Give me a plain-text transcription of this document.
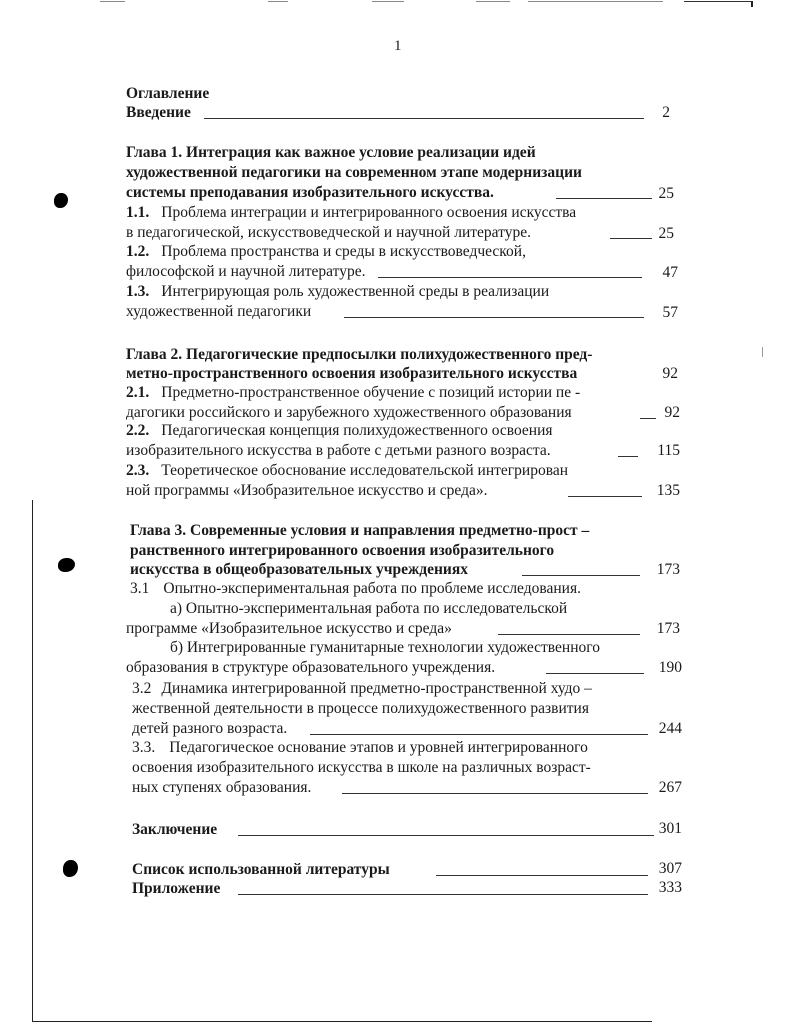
1
Оглавление
Введение	2
Глава 1. Интеграция как важное условие реализации идей
художественной педагогики на современном этапе модернизации
системы преподавания изобразительного искусства.	25
1.1. Проблема интеграции и интегрированного освоения искусства
в педагогической, искусствоведческой и научной литературе.	25
1.2. Проблема пространства и среды в искусствоведческой,
философской и научной литературе.	47
1.3. Интегрирующая роль художественной среды в реализации
художественной педагогики	57
Глава 2. Педагогические предпосылки полихудожественного пред-
метно-пространственного освоения изобразительного искусства	92
2.1. Предметно-пространственное обучение с позиций истории пе -
дагогики российского и зарубежного художественного образования	92
2.2. Педагогическая концепция полихудожественного освоения
изобразительного искусства в работе с детьми разного возраста.	115
2.3. Теоретическое обоснование исследовательской интегрирован
ной программы «Изобразительное искусство и среда».	135
Глава 3. Современные условия и направления предметно-прост –
ранственного интегрированного освоения изобразительного
искусства в общеобразовательных учреждениях	173
3.1 Опытно-экспериментальная работа по проблеме исследования.
а) Опытно-экспериментальная работа по исследовательской
программе «Изобразительное искусство и среда»	173
б) Интегрированные гуманитарные технологии художественного
образования в структуре образовательного учреждения.	190
3.2 Динамика интегрированной предметно-пространственной худо –
жественной деятельности в процессе полихудожественного развития
детей разного возраста.	244
3.3. Педагогическое основание этапов и уровней интегрированного
освоения изобразительного искусства в школе на различных возраст-
ных ступенях образования.	267
Заключение	301
Список использованной литературы	307
Приложение	333
